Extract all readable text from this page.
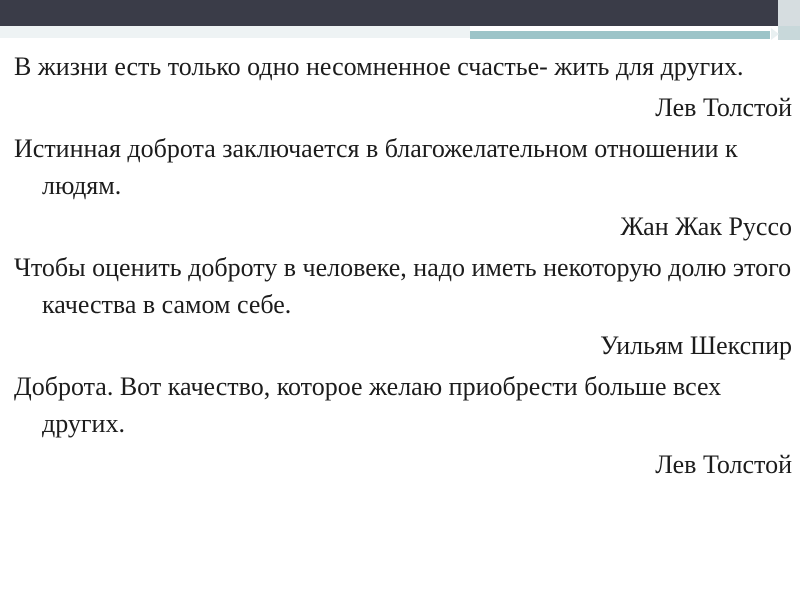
В жизни есть только одно несомненное счастье- жить для других.

Лев Толстой

Истинная доброта заключается в благожелательном отношении к людям.

Жан Жак Руссо

Чтобы оценить доброту в человеке, надо иметь некоторую долю этого качества в самом себе.

Уильям Шекспир

Доброта. Вот качество, которое желаю приобрести больше всех других.

Лев Толстой
